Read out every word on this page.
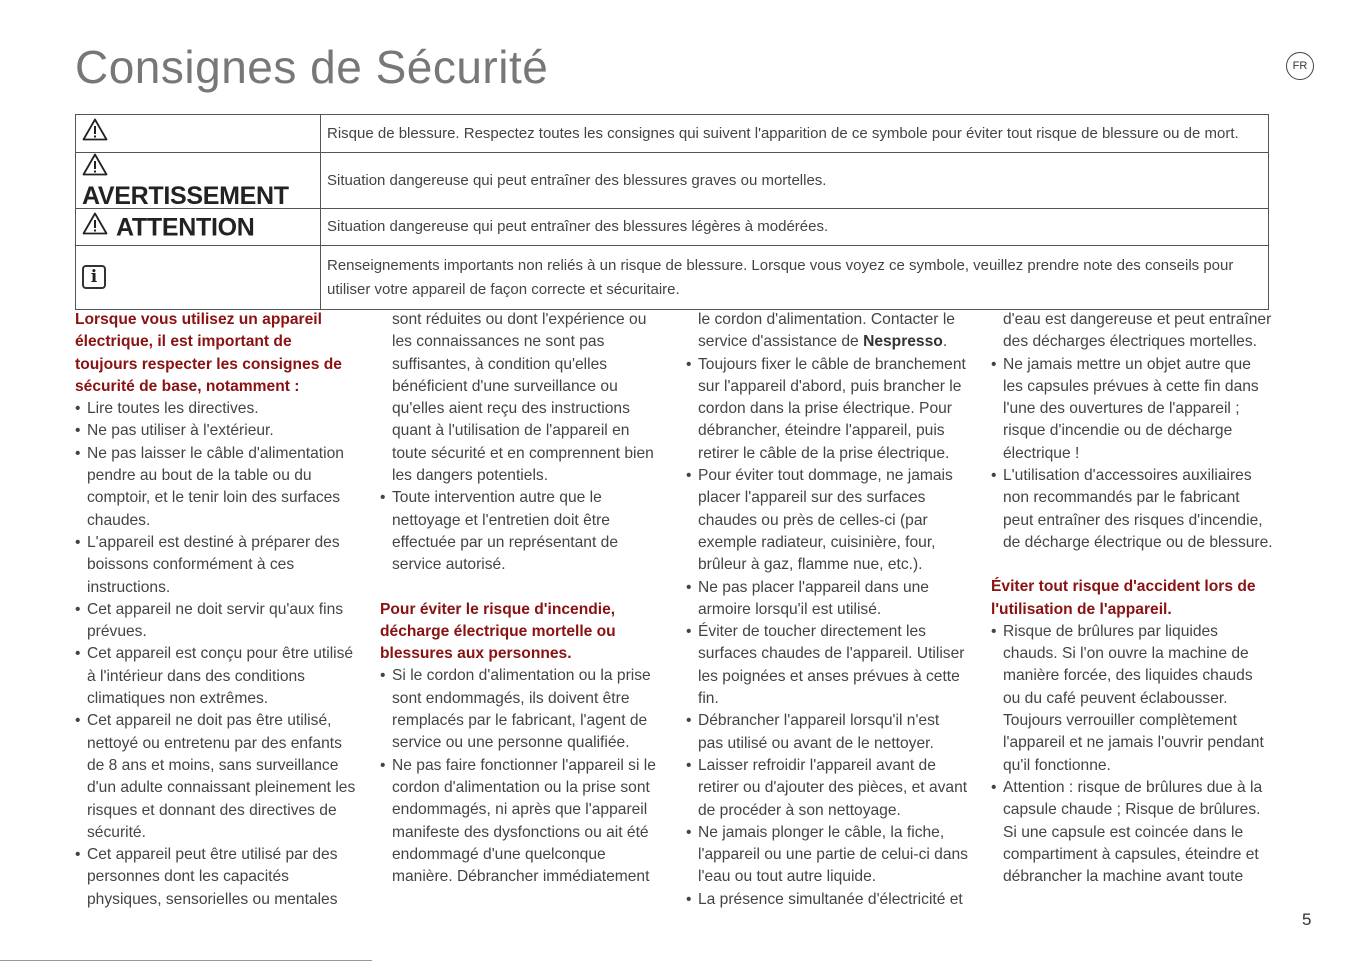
Consignes de Sécurité	FR
	Risque de blessure. Respectez toutes les consignes qui suivent l'apparition de ce symbole pour éviter tout risque de blessure ou de mort.
AVERTISSEMENT	Situation dangereuse qui peut entraîner des blessures graves ou mortelles.
ATTENTION	Situation dangereuse qui peut entraîner des blessures légères à modérées.
i	Renseignements importants non reliés à un risque de blessure. Lorsque vous voyez ce symbole, veuillez prendre note des conseils pour utiliser votre appareil de façon correcte et sécuritaire.
Lorsque vous utilisez un appareil électrique, il est important de toujours respecter les consignes de sécurité de base, notamment :
• Lire toutes les directives.
• Ne pas utiliser à l'extérieur.
• Ne pas laisser le câble d'alimentation pendre au bout de la table ou du comptoir, et le tenir loin des surfaces chaudes.
• L'appareil est destiné à préparer des boissons conformément à ces instructions.
• Cet appareil ne doit servir qu'aux fins prévues.
• Cet appareil est conçu pour être utilisé à l'intérieur dans des conditions climatiques non extrêmes.
• Cet appareil ne doit pas être utilisé, nettoyé ou entretenu par des enfants de 8 ans et moins, sans surveillance d'un adulte connaissant pleinement les risques et donnant des directives de sécurité.
• Cet appareil peut être utilisé par des personnes dont les capacités physiques, sensorielles ou mentales

sont réduites ou dont l'expérience ou les connaissances ne sont pas suffisantes, à condition qu'elles bénéficient d'une surveillance ou qu'elles aient reçu des instructions quant à l'utilisation de l'appareil en toute sécurité et en comprennent bien les dangers potentiels.

• Toute intervention autre que le nettoyage et l'entretien doit être effectuée par un représentant de service autorisé.
Pour éviter le risque d'incendie, décharge électrique mortelle ou blessures aux personnes.
• Si le cordon d'alimentation ou la prise sont endommagés, ils doivent être remplacés par le fabricant, l'agent de service ou une personne qualifiée.
• Ne pas faire fonctionner l'appareil si le cordon d'alimentation ou la prise sont endommagés, ni après que l'appareil manifeste des dysfonctions ou ait été endommagé d'une quelconque manière. Débrancher immédiatement

le cordon d'alimentation. Contacter le service d'assistance de Nespresso.

• Toujours fixer le câble de branchement sur l'appareil d'abord, puis brancher le cordon dans la prise électrique. Pour débrancher, éteindre l'appareil, puis retirer le câble de la prise électrique.
• Pour éviter tout dommage, ne jamais placer l'appareil sur des surfaces chaudes ou près de celles-ci (par exemple radiateur, cuisinière, four, brûleur à gaz, flamme nue, etc.).
• Ne pas placer l'appareil dans une armoire lorsqu'il est utilisé.
• Éviter de toucher directement les surfaces chaudes de l'appareil. Utiliser les poignées et anses prévues à cette fin.
• Débrancher l'appareil lorsqu'il n'est pas utilisé ou avant de le nettoyer.
• Laisser refroidir l'appareil avant de retirer ou d'ajouter des pièces, et avant de procéder à son nettoyage.
• Ne jamais plonger le câble, la fiche, l'appareil ou une partie de celui-ci dans l'eau ou tout autre liquide.
• La présence simultanée d'électricité et

d'eau est dangereuse et peut entraîner des décharges électriques mortelles.

• Ne jamais mettre un objet autre que les capsules prévues à cette fin dans l'une des ouvertures de l'appareil ; risque d'incendie ou de décharge électrique !
• L'utilisation d'accessoires auxiliaires non recommandés par le fabricant peut entraîner des risques d'incendie, de décharge électrique ou de blessure.
Éviter tout risque d'accident lors de l'utilisation de l'appareil.
• Risque de brûlures par liquides chauds. Si l'on ouvre la machine de manière forcée, des liquides chauds ou du café peuvent éclabousser. Toujours verrouiller complètement l'appareil et ne jamais l'ouvrir pendant qu'il fonctionne.
• Attention : risque de brûlures due à la capsule chaude ; Risque de brûlures. Si une capsule est coincée dans le compartiment à capsules, éteindre et débrancher la machine avant toute
5
